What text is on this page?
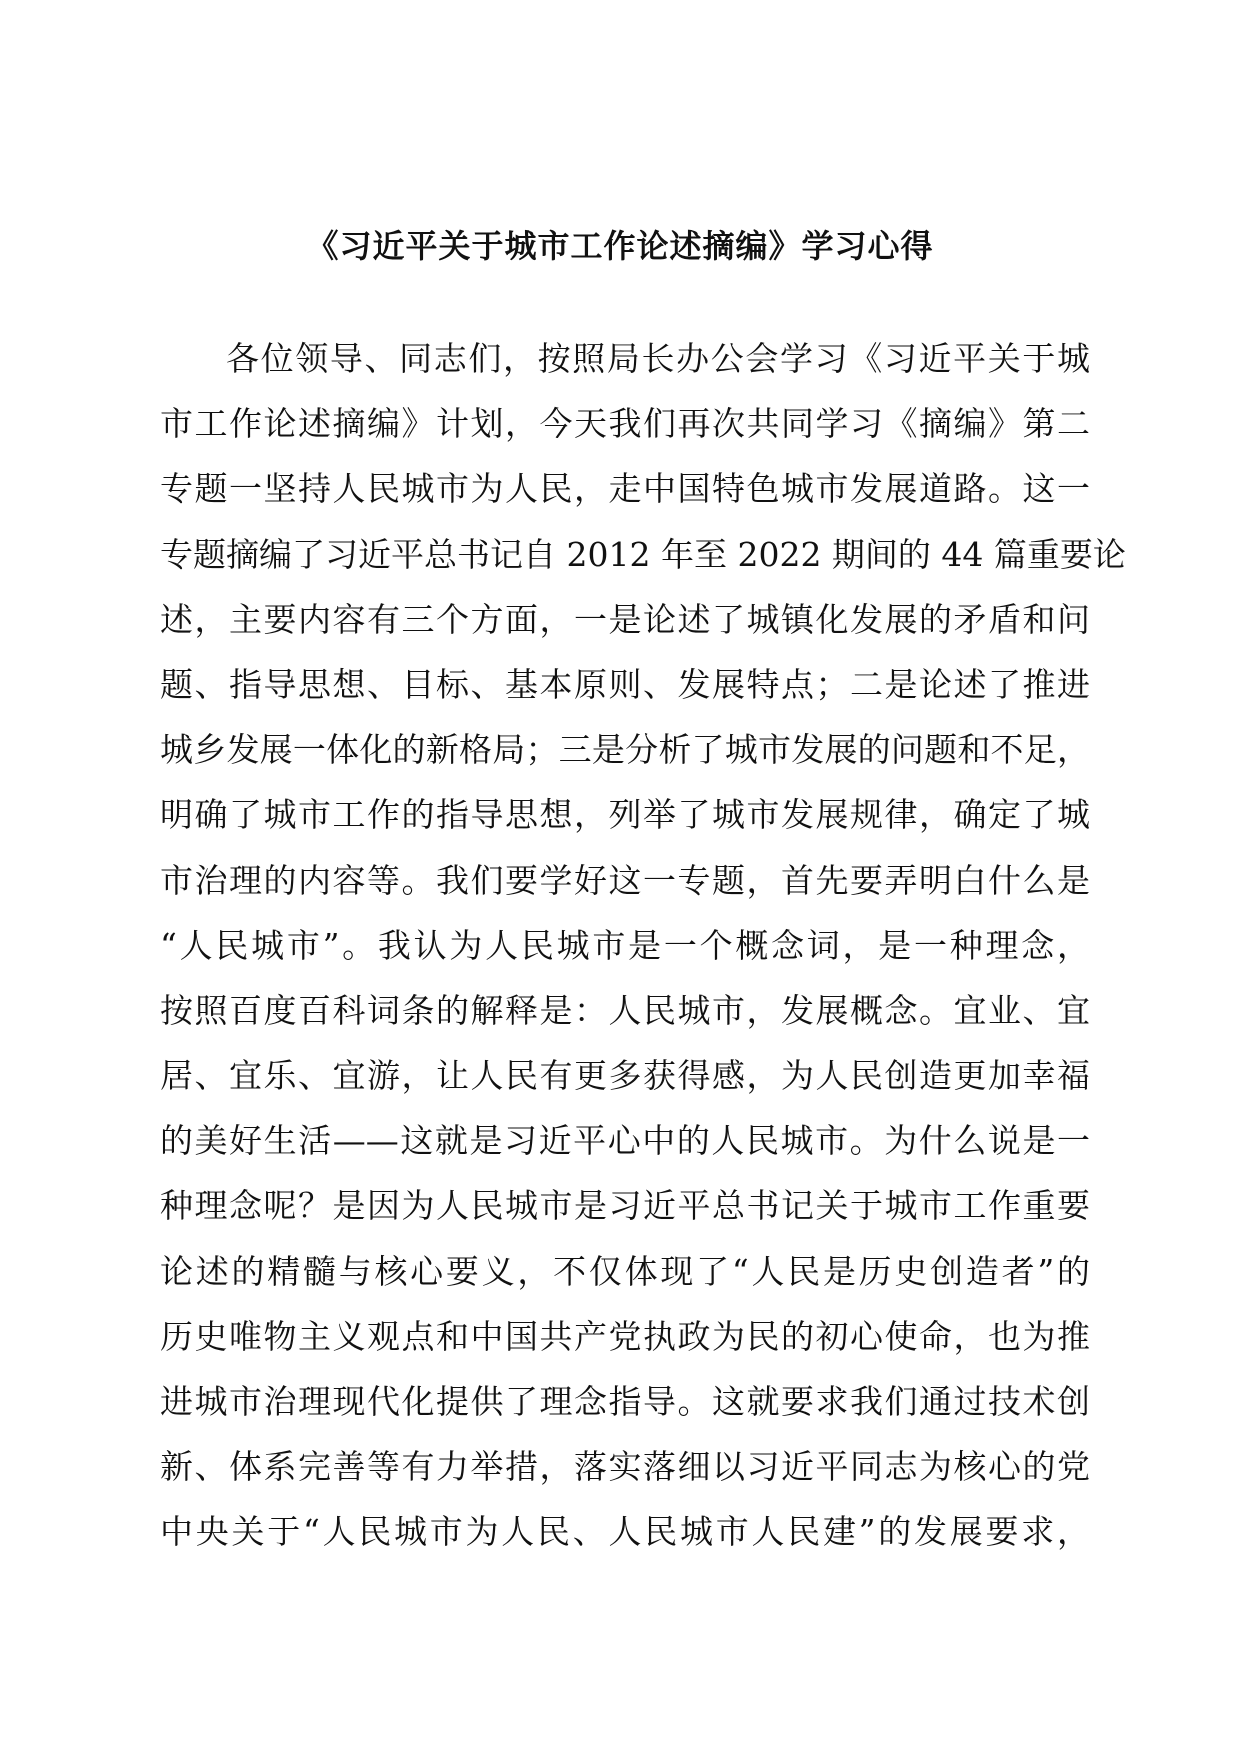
《习近平关于城市工作论述摘编》学习心得
各位领导、同志们，按照局长办公会学习《习近平关于城
市工作论述摘编》计划，今天我们再次共同学习《摘编》第二
专题一坚持人民城市为人民，走中国特色城市发展道路。这一
专题摘编了习近平总书记自 2012 年至 2022 期间的 44 篇重要论
述，主要内容有三个方面，一是论述了城镇化发展的矛盾和问
题、指导思想、目标、基本原则、发展特点；二是论述了推进
城乡发展一体化的新格局；三是分析了城市发展的问题和不足，
明确了城市工作的指导思想，列举了城市发展规律，确定了城
市治理的内容等。我们要学好这一专题，首先要弄明白什么是
“人民城市”。我认为人民城市是一个概念词，是一种理念，
按照百度百科词条的解释是：人民城市，发展概念。宜业、宜
居、宜乐、宜游，让人民有更多获得感，为人民创造更加幸福
的美好生活——这就是习近平心中的人民城市。为什么说是一
种理念呢？是因为人民城市是习近平总书记关于城市工作重要
论述的精髓与核心要义，不仅体现了“人民是历史创造者”的
历史唯物主义观点和中国共产党执政为民的初心使命，也为推
进城市治理现代化提供了理念指导。这就要求我们通过技术创
新、体系完善等有力举措，落实落细以习近平同志为核心的党
中央关于“人民城市为人民、人民城市人民建”的发展要求，
